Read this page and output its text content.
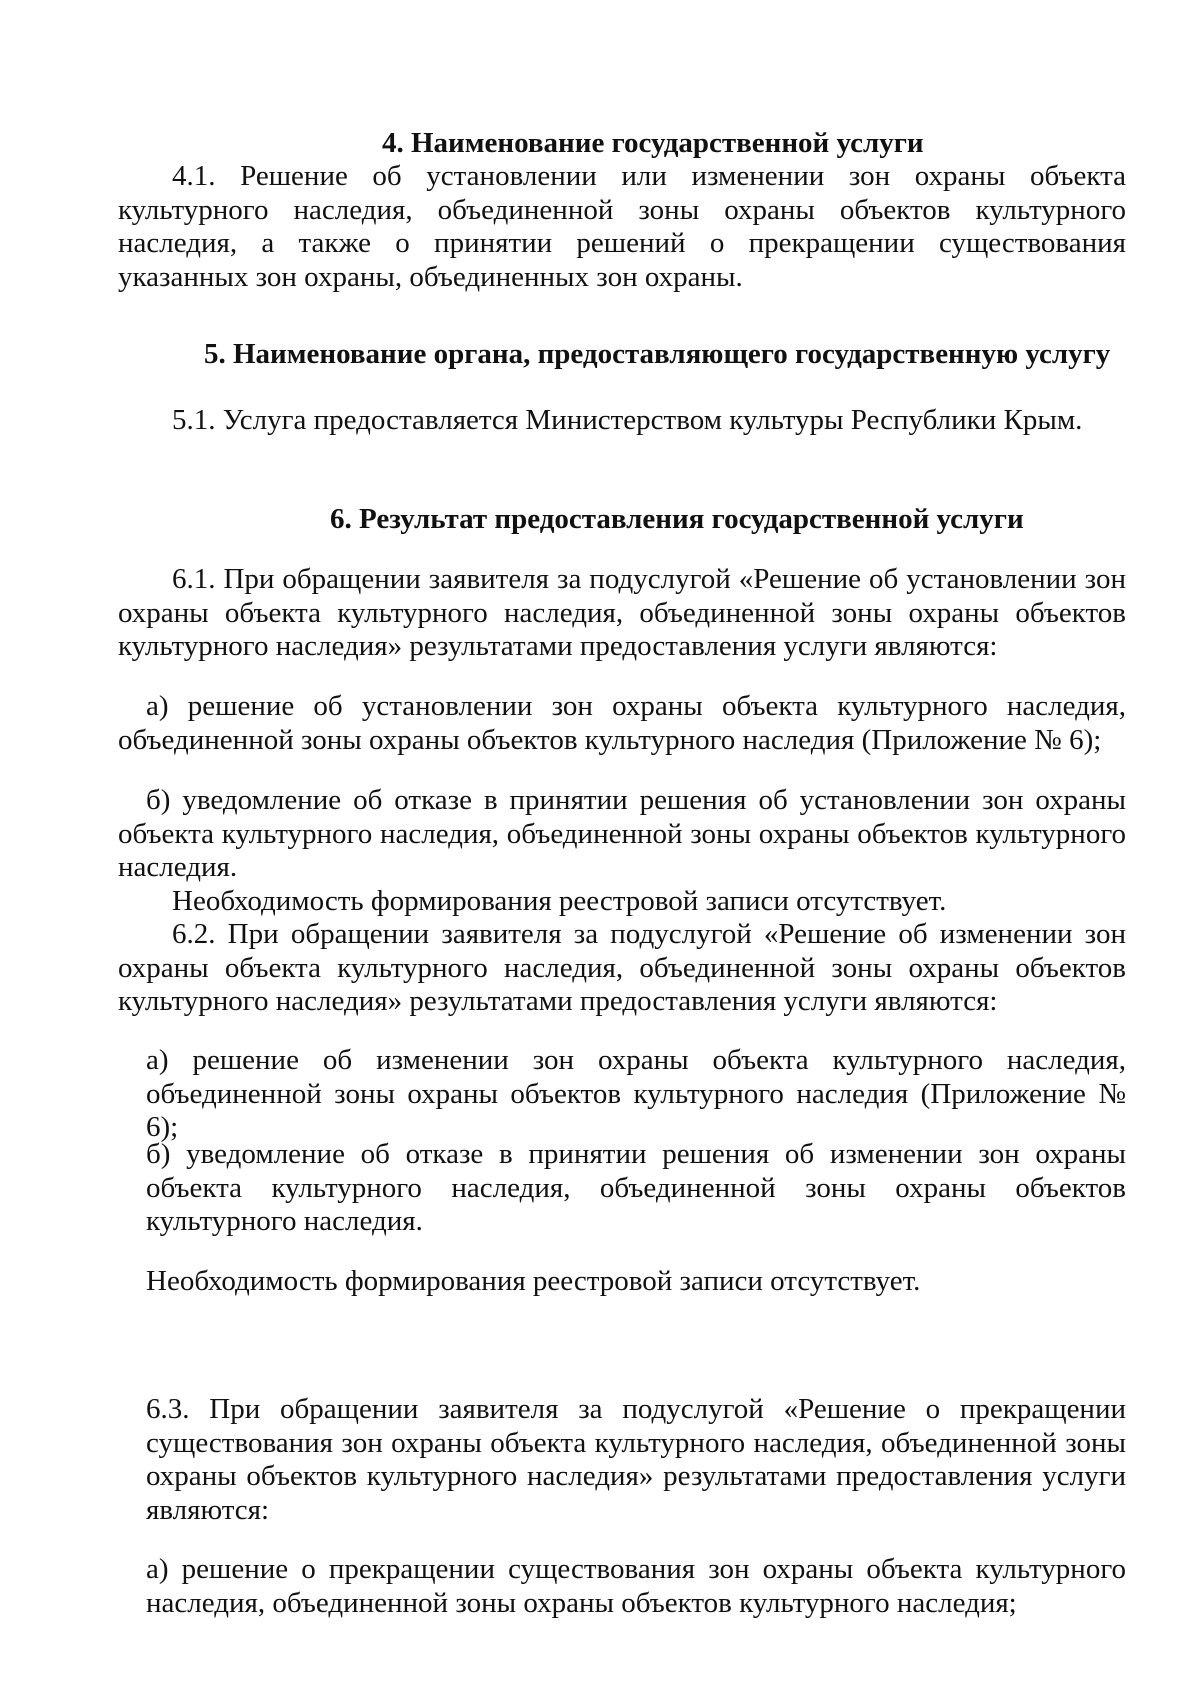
4. Наименование государственной услуги

4.1. Решение об установлении или изменении зон охраны объекта культурного наследия, объединенной зоны охраны объектов культурного наследия, а также о принятии решений о прекращении существования указанных зон охраны, объединенных зон охраны.

5. Наименование органа, предоставляющего государственную услугу

5.1. Услуга предоставляется Министерством культуры Республики Крым.

6. Результат предоставления государственной услуги

6.1. При обращении заявителя за подуслугой «Решение об установлении зон охраны объекта культурного наследия, объединенной зоны охраны объектов культурного наследия» результатами предоставления услуги являются:

а) решение об установлении зон охраны объекта культурного наследия, объединенной зоны охраны объектов культурного наследия (Приложение № 6);

б) уведомление об отказе в принятии решения об установлении зон охраны объекта культурного наследия, объединенной зоны охраны объектов культурного наследия.

Необходимость формирования реестровой записи отсутствует.

6.2. При обращении заявителя за подуслугой «Решение об изменении зон охраны объекта культурного наследия, объединенной зоны охраны объектов культурного наследия» результатами предоставления услуги являются:

а) решение об изменении зон охраны объекта культурного наследия, объединенной зоны охраны объектов культурного наследия (Приложение № 6);

б) уведомление об отказе в принятии решения об изменении зон охраны объекта культурного наследия, объединенной зоны охраны объектов культурного наследия.

Необходимость формирования реестровой записи отсутствует.

6.3. При обращении заявителя за подуслугой «Решение о прекращении существования зон охраны объекта культурного наследия, объединенной зоны охраны объектов культурного наследия» результатами предоставления услуги являются:

а) решение о прекращении существования зон охраны объекта культурного наследия, объединенной зоны охраны объектов культурного наследия;
